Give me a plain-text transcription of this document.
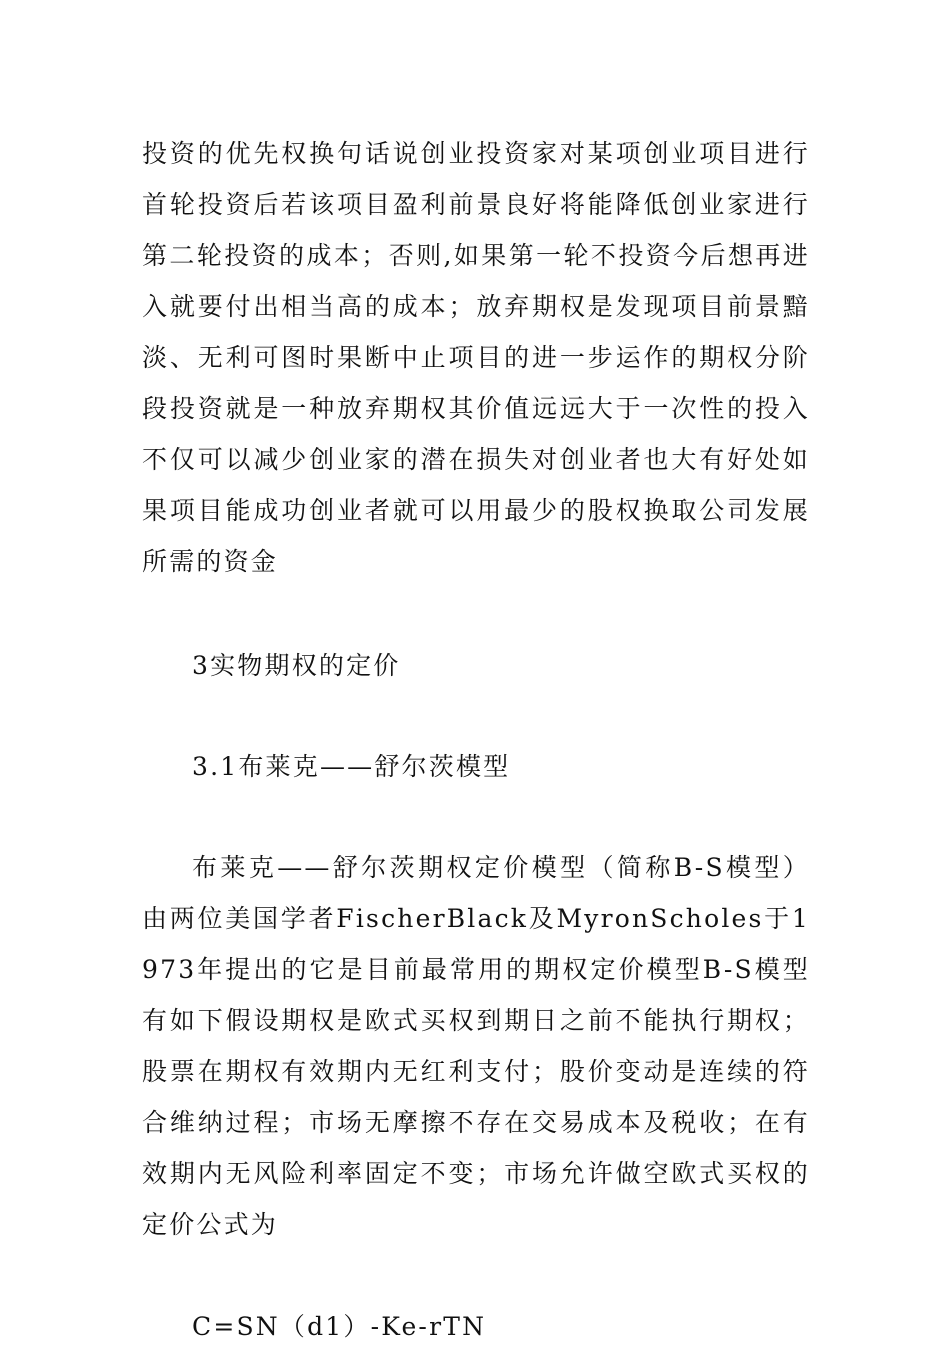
投资的优先权换句话说创业投资家对某项创业项目进行首轮投资后若该项目盈利前景良好将能降低创业家进行第二轮投资的成本；否则,如果第一轮不投资今后想再进入就要付出相当高的成本；放弃期权是发现项目前景黯淡、无利可图时果断中止项目的进一步运作的期权分阶段投资就是一种放弃期权其价值远远大于一次性的投入不仅可以减少创业家的潜在损失对创业者也大有好处如果项目能成功创业者就可以用最少的股权换取公司发展所需的资金

3实物期权的定价

3.1布莱克——舒尔茨模型

布莱克——舒尔茨期权定价模型（简称B-S模型）由两位美国学者FischerBlack及MyronScholes于1973年提出的它是目前最常用的期权定价模型B-S模型有如下假设期权是欧式买权到期日之前不能执行期权；股票在期权有效期内无红利支付；股价变动是连续的符合维纳过程；市场无摩擦不存在交易成本及税收；在有效期内无风险利率固定不变；市场允许做空欧式买权的定价公式为

C=SN（d1）-Ke-rTN
